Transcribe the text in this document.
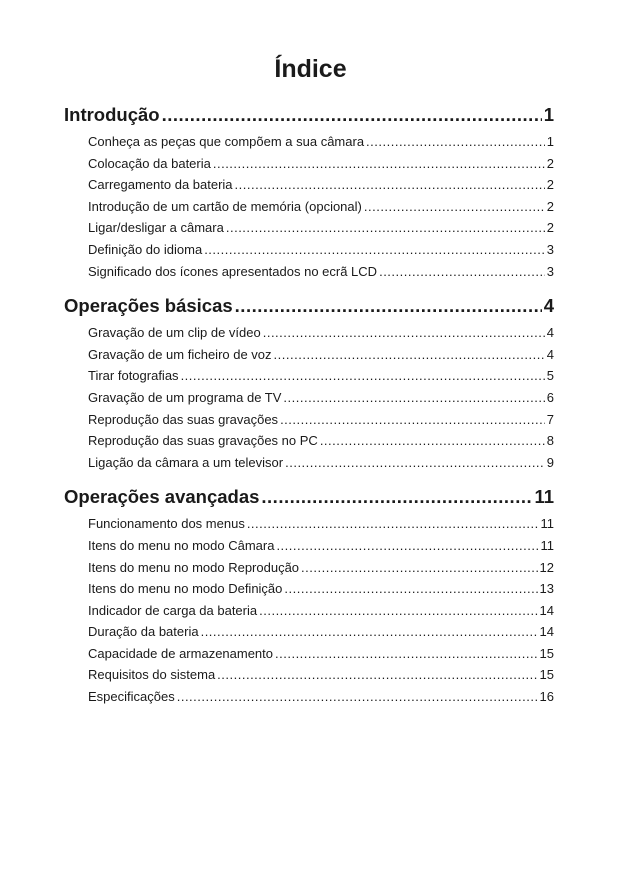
Índice
Introdução .....	1
Conheça as peças que compõem a sua câmara .....	1
Colocação da bateria .....	2
Carregamento da bateria .....	2
Introdução de um cartão de memória (opcional) .....	2
Ligar/desligar a câmara .....	2
Definição do idioma .....	3
Significado dos ícones apresentados no ecrã LCD .....	3
Operações básicas .....	4
Gravação de um clip de vídeo .....	4
Gravação de um ficheiro de voz .....	4
Tirar fotografias .....	5
Gravação de um programa de TV .....	6
Reprodução das suas gravações .....	7
Reprodução das suas gravações no PC .....	8
Ligação da câmara a um televisor .....	9
Operações avançadas .....	11
Funcionamento dos menus .....	11
Itens do menu no modo Câmara .....	11
Itens do menu no modo Reprodução .....	12
Itens do menu no modo Definição .....	13
Indicador de carga da bateria .....	14
Duração da bateria .....	14
Capacidade de armazenamento .....	15
Requisitos do sistema .....	15
Especificações .....	16
